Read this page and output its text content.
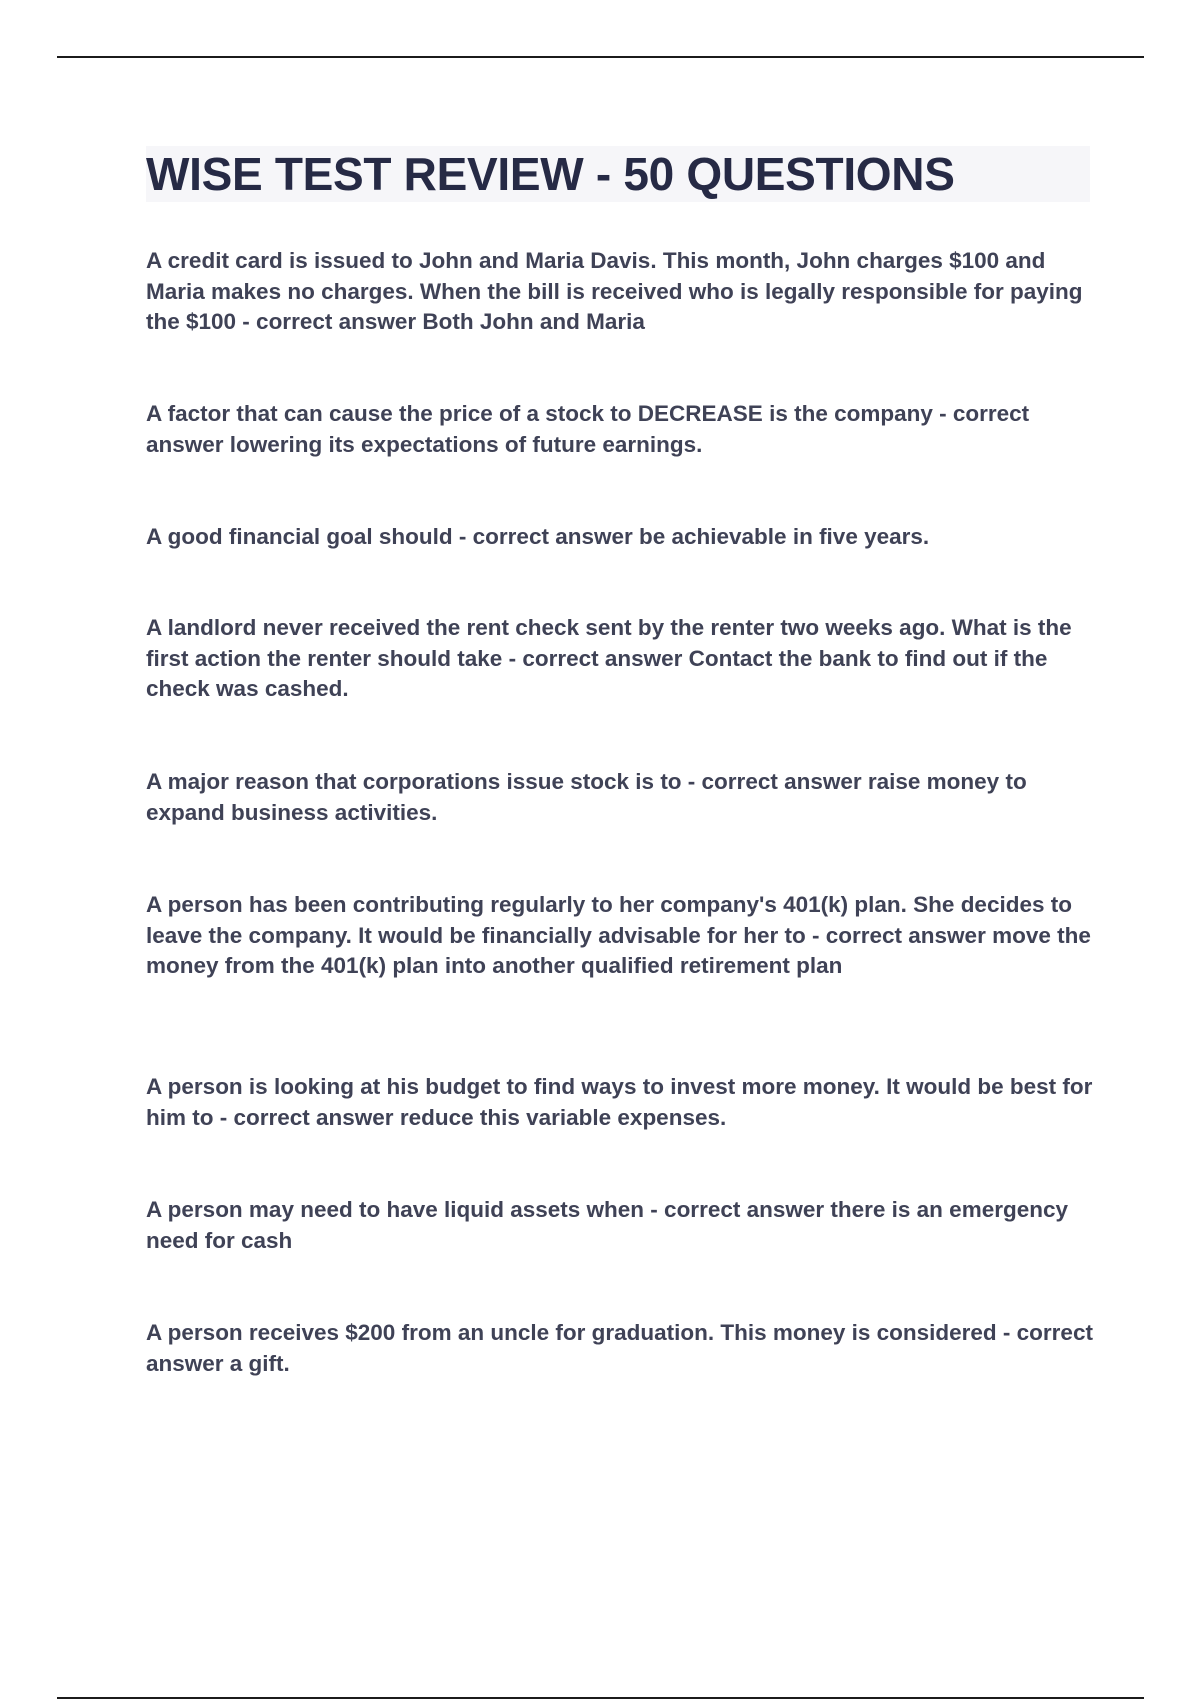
WISE TEST REVIEW - 50 QUESTIONS
A credit card is issued to John and Maria Davis. This month, John charges $100 and Maria makes no charges. When the bill is received who is legally responsible for paying the $100 - correct answer Both John and Maria
A factor that can cause the price of a stock to DECREASE is the company - correct answer lowering its expectations of future earnings.
A good financial goal should - correct answer be achievable in five years.
A landlord never received the rent check sent by the renter two weeks ago. What is the first action the renter should take - correct answer Contact the bank to find out if the check was cashed.
A major reason that corporations issue stock is to - correct answer raise money to expand business activities.
A person has been contributing regularly to her company's 401(k) plan. She decides to leave the company. It would be financially advisable for her to - correct answer move the money from the 401(k) plan into another qualified retirement plan
A person is looking at his budget to find ways to invest more money. It would be best for him to - correct answer reduce this variable expenses.
A person may need to have liquid assets when - correct answer there is an emergency need for cash
A person receives $200 from an uncle for graduation. This money is considered - correct answer a gift.
